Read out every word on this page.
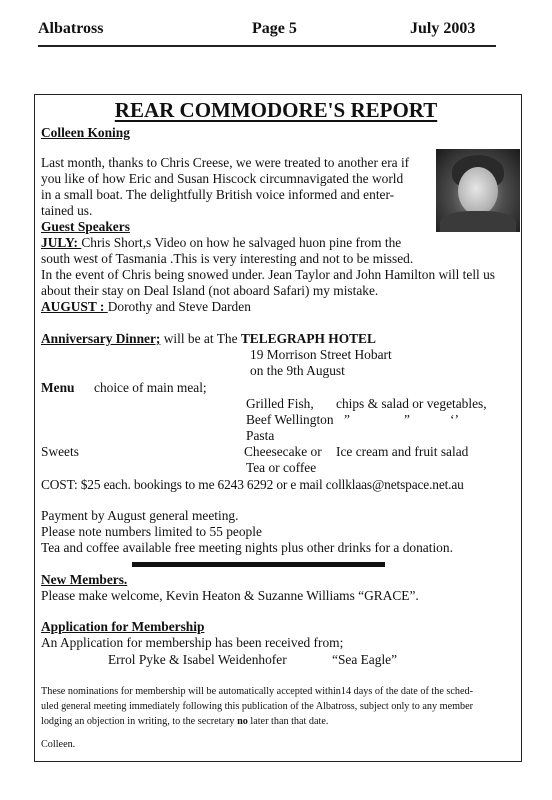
Albatross	Page 5	July 2003
REAR COMMODORE'S REPORT
Colleen Koning
Last month, thanks to Chris Creese, we were treated to another era if
you like of how Eric and Susan Hiscock circumnavigated the world
in a small boat. The delightfully British voice informed and enter-
tained us.
Guest Speakers
JULY: Chris Short,s Video on how he salvaged huon pine from the
south west of Tasmania .This is very interesting and not to be missed.
In the event of Chris being snowed under. Jean Taylor and John Hamilton will tell us
about their stay on Deal Island (not aboard Safari) my mistake.
AUGUST : Dorothy and Steve Darden
Anniversary Dinner; will be at The TELEGRAPH HOTEL
19 Morrison Street Hobart
on the 9th August
Menu choice of main meal;
Grilled Fish, chips & salad or vegetables,
Beef Wellington ”	”	‘’
Pasta
Sweets	Cheesecake or Ice cream and fruit salad
Tea or coffee
COST: $25 each. bookings to me 6243 6292 or e mail collklaas@netspace.net.au
Payment by August general meeting.
Please note numbers limited to 55 people
Tea and coffee available free meeting nights plus other drinks for a donation.
New Members.
Please make welcome, Kevin Heaton & Suzanne Williams “GRACE”.
Application for Membership
An Application for membership has been received from;
Errol Pyke & Isabel Weidenhofer	“Sea Eagle”
These nominations for membership will be automatically accepted within14 days of the date of the sched-
uled general meeting immediately following this publication of the Albatross, subject only to any member
lodging an objection in writing, to the secretary no later than that date.
Colleen.
